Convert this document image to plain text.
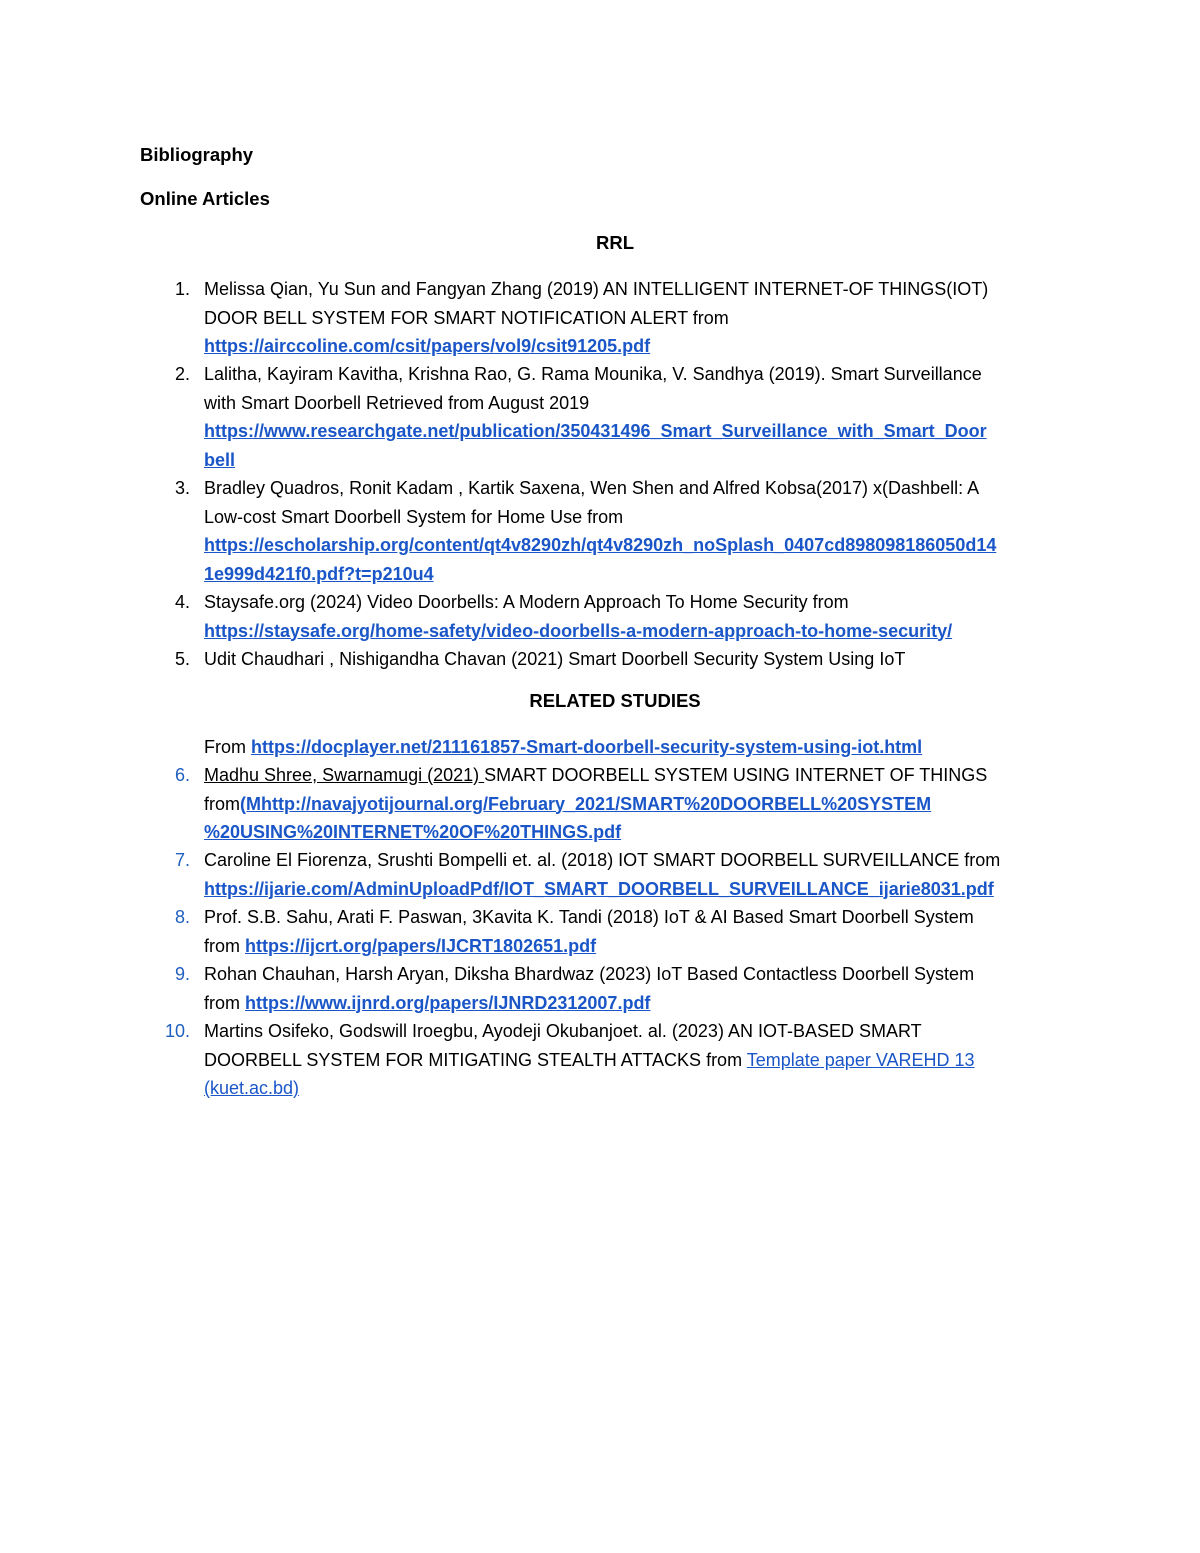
Bibliography
Online Articles
RRL
1. Melissa Qian, Yu Sun and Fangyan Zhang (2019) AN INTELLIGENT INTERNET-OF THINGS(IOT)
DOOR BELL SYSTEM FOR SMART NOTIFICATION ALERT from
https://airccoline.com/csit/papers/vol9/csit91205.pdf
2. Lalitha, Kayiram Kavitha, Krishna Rao, G. Rama Mounika, V. Sandhya (2019). Smart Surveillance
with Smart Doorbell Retrieved from August 2019
https://www.researchgate.net/publication/350431496_Smart_Surveillance_with_Smart_Door
bell
3. Bradley Quadros, Ronit Kadam , Kartik Saxena, Wen Shen and Alfred Kobsa(2017) x(Dashbell: A
Low-cost Smart Doorbell System for Home Use from
https://escholarship.org/content/qt4v8290zh/qt4v8290zh_noSplash_0407cd898098186050d14
1e999d421f0.pdf?t=p210u4
4. Staysafe.org (2024) Video Doorbells: A Modern Approach To Home Security from
https://staysafe.org/home-safety/video-doorbells-a-modern-approach-to-home-security/
5. Udit Chaudhari , Nishigandha Chavan (2021) Smart Doorbell Security System Using IoT
RELATED STUDIES
From https://docplayer.net/211161857-Smart-doorbell-security-system-using-iot.html
6. Madhu Shree, Swarnamugi (2021) SMART DOORBELL SYSTEM USING INTERNET OF THINGS
from(Mhttp://navajyotijournal.org/February_2021/SMART%20DOORBELL%20SYSTEM
%20USING%20INTERNET%20OF%20THINGS.pdf
7. Caroline El Fiorenza, Srushti Bompelli et. al. (2018) IOT SMART DOORBELL SURVEILLANCE from
https://ijarie.com/AdminUploadPdf/IOT_SMART_DOORBELL_SURVEILLANCE_ijarie8031.pdf
8. Prof. S.B. Sahu, Arati F. Paswan, 3Kavita K. Tandi (2018) IoT & AI Based Smart Doorbell System
from https://ijcrt.org/papers/IJCRT1802651.pdf
9. Rohan Chauhan, Harsh Aryan, Diksha Bhardwaz (2023) IoT Based Contactless Doorbell System
from https://www.ijnrd.org/papers/IJNRD2312007.pdf
10. Martins Osifeko, Godswill Iroegbu, Ayodeji Okubanjoet. al. (2023) AN IOT-BASED SMART
DOORBELL SYSTEM FOR MITIGATING STEALTH ATTACKS from Template paper VAREHD 13
(kuet.ac.bd)
